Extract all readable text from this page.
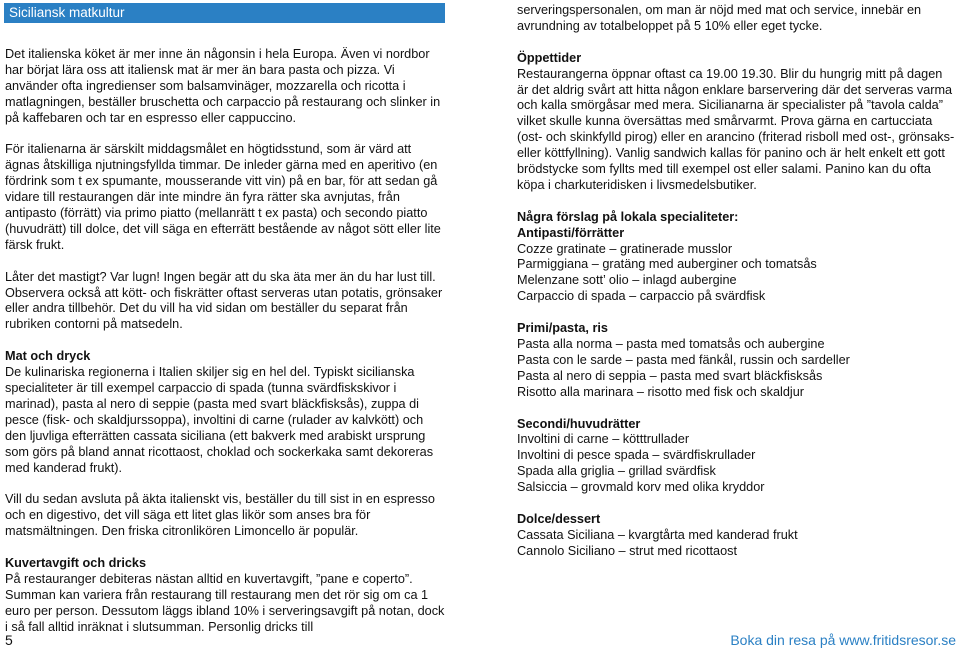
Siciliansk matkultur

Det italienska köket är mer inne än någonsin i hela Europa. Även vi nordbor har börjat lära oss att italiensk mat är mer än bara pasta och pizza. Vi använder ofta ingredienser som balsamvinäger, mozzarella och ricotta i matlagningen, beställer bruschetta och carpaccio på restaurang och slinker in på kaffebaren och tar en espresso eller cappuccino.

För italienarna är särskilt middagsmålet en högtidsstund, som är värd att ägnas åtskilliga njutningsfyllda timmar. De inleder gärna med en aperitivo (en fördrink som t ex spumante, mousserande vitt vin) på en bar, för att sedan gå vidare till restaurangen där inte mindre än fyra rätter ska avnjutas, från antipasto (förrätt) via primo piatto (mellanrätt t ex pasta) och secondo piatto (huvudrätt) till dolce, det vill säga en efterrätt bestående av något sött eller lite färsk frukt.

Låter det mastigt? Var lugn! Ingen begär att du ska äta mer än du har lust till. Observera också att kött- och fiskrätter oftast serveras utan potatis, grönsaker eller andra tillbehör. Det du vill ha vid sidan om beställer du separat från rubriken contorni på matsedeln.

Mat och dryck
De kulinariska regionerna i Italien skiljer sig en hel del. Typiskt sicilianska specialiteter är till exempel carpaccio di spada (tunna svärdfiskskivor i marinad), pasta al nero di seppie (pasta med svart bläckfisksås), zuppa di pesce (fisk- och skaldjurssoppa), involtini di carne (rulader av kalvkött) och den ljuvliga efterrätten cassata siciliana (ett bakverk med arabiskt ursprung som görs på bland annat ricottaost, choklad och sockerkaka samt dekoreras med kanderad frukt).

Vill du sedan avsluta på äkta italienskt vis, beställer du till sist in en espresso och en digestivo, det vill säga ett litet glas likör som anses bra för matsmältningen. Den friska citronlikören Limoncello är populär.

Kuvertavgift och dricks
På restauranger debiteras nästan alltid en kuvertavgift, ”pane e coperto”. Summan kan variera från restaurang till restaurang men det rör sig om ca 1 euro per person. Dessutom läggs ibland 10% i serveringsavgift på notan, dock i så fall alltid inräknat i slutsumman. Personlig dricks till

serveringspersonalen, om man är nöjd med mat och service, innebär en avrundning av totalbeloppet på 5 10% eller eget tycke.

Öppettider
Restaurangerna öppnar oftast ca 19.00 19.30. Blir du hungrig mitt på dagen är det aldrig svårt att hitta någon enklare barservering där det serveras varma och kalla smörgåsar med mera. Sicilianarna är specialister på ”tavola calda” vilket skulle kunna översättas med smårvarmt. Prova gärna en cartucciata (ost- och skinkfylld pirog) eller en arancino (friterad risboll med ost-, grönsaks- eller köttfyllning). Vanlig sandwich kallas för panino och är helt enkelt ett gott brödstycke som fyllts med till exempel ost eller salami. Panino kan du ofta köpa i charkuteridisken i livsmedelsbutiker.

Några förslag på lokala specialiteter:
Antipasti/förrätter
Cozze gratinate – gratinerade musslor
Parmiggiana – gratäng med auberginer och tomatsås
Melenzane sott’ olio – inlagd aubergine
Carpaccio di spada – carpaccio på svärdfisk
Primi/pasta, ris
Pasta alla norma – pasta med tomatsås och aubergine
Pasta con le sarde – pasta med fänkål, russin och sardeller
Pasta al nero di seppia – pasta med svart bläckfisksås
Risotto alla marinara – risotto med fisk och skaldjur
Secondi/huvudrätter
Involtini di carne – kötttrullader
Involtini di pesce spada – svärdfiskrullader
Spada alla griglia – grillad svärdfisk
Salsiccia – grovmald korv med olika kryddor
Dolce/dessert
Cassata Siciliana – kvargtårta med kanderad frukt
Cannolo Siciliano – strut med ricottaost
5	Boka din resa på www.fritidsresor.se
